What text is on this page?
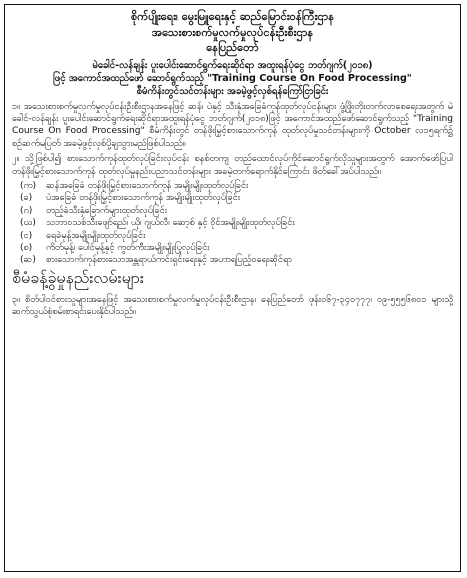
စိုက်ပျိုးရေး၊ မွေးမြူရေးနှင့် ဆည်မြောင်းဝန်ကြီးဌာန
အသေးစားစက်မှုလက်မှုလုပ်ငန်းဦးစီးဌာန
နေပြည်တော်
မဲခေါင်-လန်ချန်း ပူးပေါင်းဆောင်ရွက်ရေးဆိုင်ရာ အထူးရန်ပုံငွေ ဘတ်ဂျက်(၂၀၁၈)
ဖြင့် အကောင်အထည်ဖော် ဆောင်ရွက်သည့် "Training Course On Food Processing"
စီမံကိန်းတွင်သင်တန်းများ အခမဲ့ဖွင့်လှစ်ရန်ကြော်ငြာခြင်း
၁။ အသေးစားစက်မှုလက်မှုလုပ်ငန်းဦးစီးဌာနအနေဖြင့် ဆန်၊ ပဲနှင့် သီးနှံအခြေခံကုန်ထုတ်လုပ်ငန်းများ ဖွံ့ဖြိုးတိုးတက်လာစေရေးအတွက် မဲခေါင်-လန်ချန်း ပူးပေါင်းဆောင်ရွက်ရေးဆိုင်ရာအထူးရန်ပုံငွေ ဘတ်ဂျက်(၂၀၁၈)ဖြင့် အကောင်အထည်ဖော်ဆောင်ရွက်သည့် "Training Course On Food Processing" စီမံကိန်းတွင် တန်ဖိုးမြှင့်စားသောက်ကုန် ထုတ်လုပ်မှုသင်တန်းများကို October လ၁၅ရက်၌ စဉ်ဆက်မပြတ် အခမဲ့ဖွင့်လှစ်ပို့ချသွားမည်ဖြစ်ပါသည်။
၂။ သို့ဖြစ်ပါ၍ စားသောက်ကုန်ထုတ်လုပ်ခြင်းလုပ်ငန်း စနစ်တကျ တည်ထောင်လုပ်ကိုင်ဆောင်ရွက်လိုသူများအတွက် အောက်ဖော်ပြပါ တန်ဖိုးမြှင့်စားသောက်ကုန် ထုတ်လုပ်မှုနည်းပညာသင်တန်းများ အခမဲ့တက်ရောက်နိုင်ကြောင်း ဖိတ်ခေါ်အပ်ပါသည်။
(က)	ဆန်အခြေခံ တန်ဖိုးမြှင့်စားသောက်ကုန် အမျိုးမျိုးထုတ်လုပ်ခြင်း
(ခ)	ပဲအခြေခံ တန်ဖိုးမြှင့်စားသောက်ကုန် အမျိုးမျိုးထုတ်လုပ်ခြင်း
(ဂ)	တည့်ခံသီးနှံခြောက်များထုတ်လုပ်ခြင်း
(ဃ)	သဘာဝသစ်သီးဖျော်ရည်၊ ယို၊ ဂျယ်လီ၊ ဆော့စ် နှင့် ဝိုင်အမျိုးမျိုးထုတ်လုပ်ခြင်း
(င)	ရေခဲမုန့်အမျိုးမျိုးထုတ်လုပ်ခြင်း
(စ)	ကိတ်မုန့်၊ ပေါင်မုန့်နှင့် ကွတ်ကီးအမျိုးမျိုးပြုလုပ်ခြင်း
(ဆ)	စားသောက်ကုန်စားသောအန္တရာယ်ကင်းရှင်းရေးနှင့် အဟာရပြည့်ဝရေးဆိုင်ရာ
စီမံခန့်ခွဲမှုနည်းလမ်းများ
၃။ စိတ်ပါဝင်စားသူများအနေဖြင့် အသေးစားစက်မှုလက်မှုလုပ်ငန်းဦးစီးဌာန၊ နေပြည်တော် ဖုန်း၀၆၇-၃၄၀၇၇၇၊ ၀၉-၅၅၅၆၈၀၁ များသို့ ဆက်သွယ်စုံစမ်းစာရင်းပေးနိုင်ပါသည်။
